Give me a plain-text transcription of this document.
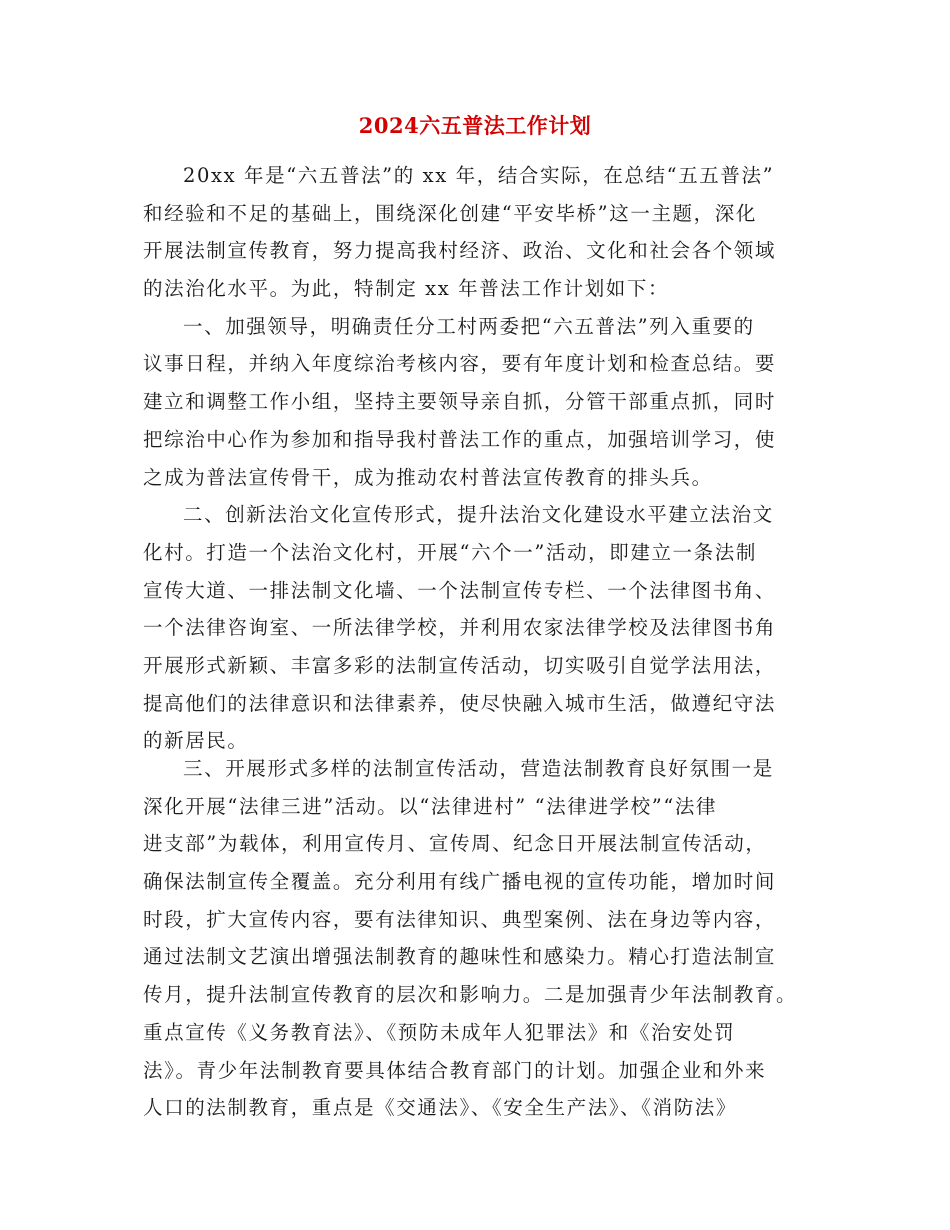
2024六五普法工作计划
20xx 年是“六五普法”的 xx 年，结合实际，在总结“五五普法”
和经验和不足的基础上，围绕深化创建“平安毕桥”这一主题，深化
开展法制宣传教育，努力提高我村经济、政治、文化和社会各个领域
的法治化水平。为此，特制定 xx 年普法工作计划如下：
一、加强领导，明确责任分工村两委把“六五普法”列入重要的
议事日程，并纳入年度综治考核内容，要有年度计划和检查总结。要
建立和调整工作小组，坚持主要领导亲自抓，分管干部重点抓，同时
把综治中心作为参加和指导我村普法工作的重点，加强培训学习，使
之成为普法宣传骨干，成为推动农村普法宣传教育的排头兵。
二、创新法治文化宣传形式，提升法治文化建设水平建立法治文
化村。打造一个法治文化村，开展“六个一”活动，即建立一条法制
宣传大道、一排法制文化墙、一个法制宣传专栏、一个法律图书角、
一个法律咨询室、一所法律学校，并利用农家法律学校及法律图书角
开展形式新颖、丰富多彩的法制宣传活动，切实吸引自觉学法用法，
提高他们的法律意识和法律素养，使尽快融入城市生活，做遵纪守法
的新居民。
三、开展形式多样的法制宣传活动，营造法制教育良好氛围一是
深化开展“法律三进”活动。以“法律进村” “法律进学校”“法律
进支部”为载体，利用宣传月、宣传周、纪念日开展法制宣传活动，
确保法制宣传全覆盖。充分利用有线广播电视的宣传功能，增加时间
时段，扩大宣传内容，要有法律知识、典型案例、法在身边等内容，
通过法制文艺演出增强法制教育的趣味性和感染力。精心打造法制宣
传月，提升法制宣传教育的层次和影响力。二是加强青少年法制教育。
重点宣传《义务教育法》、《预防未成年人犯罪法》和《治安处罚
法》。青少年法制教育要具体结合教育部门的计划。加强企业和外来
人口的法制教育，重点是《交通法》、《安全生产法》、《消防法》
